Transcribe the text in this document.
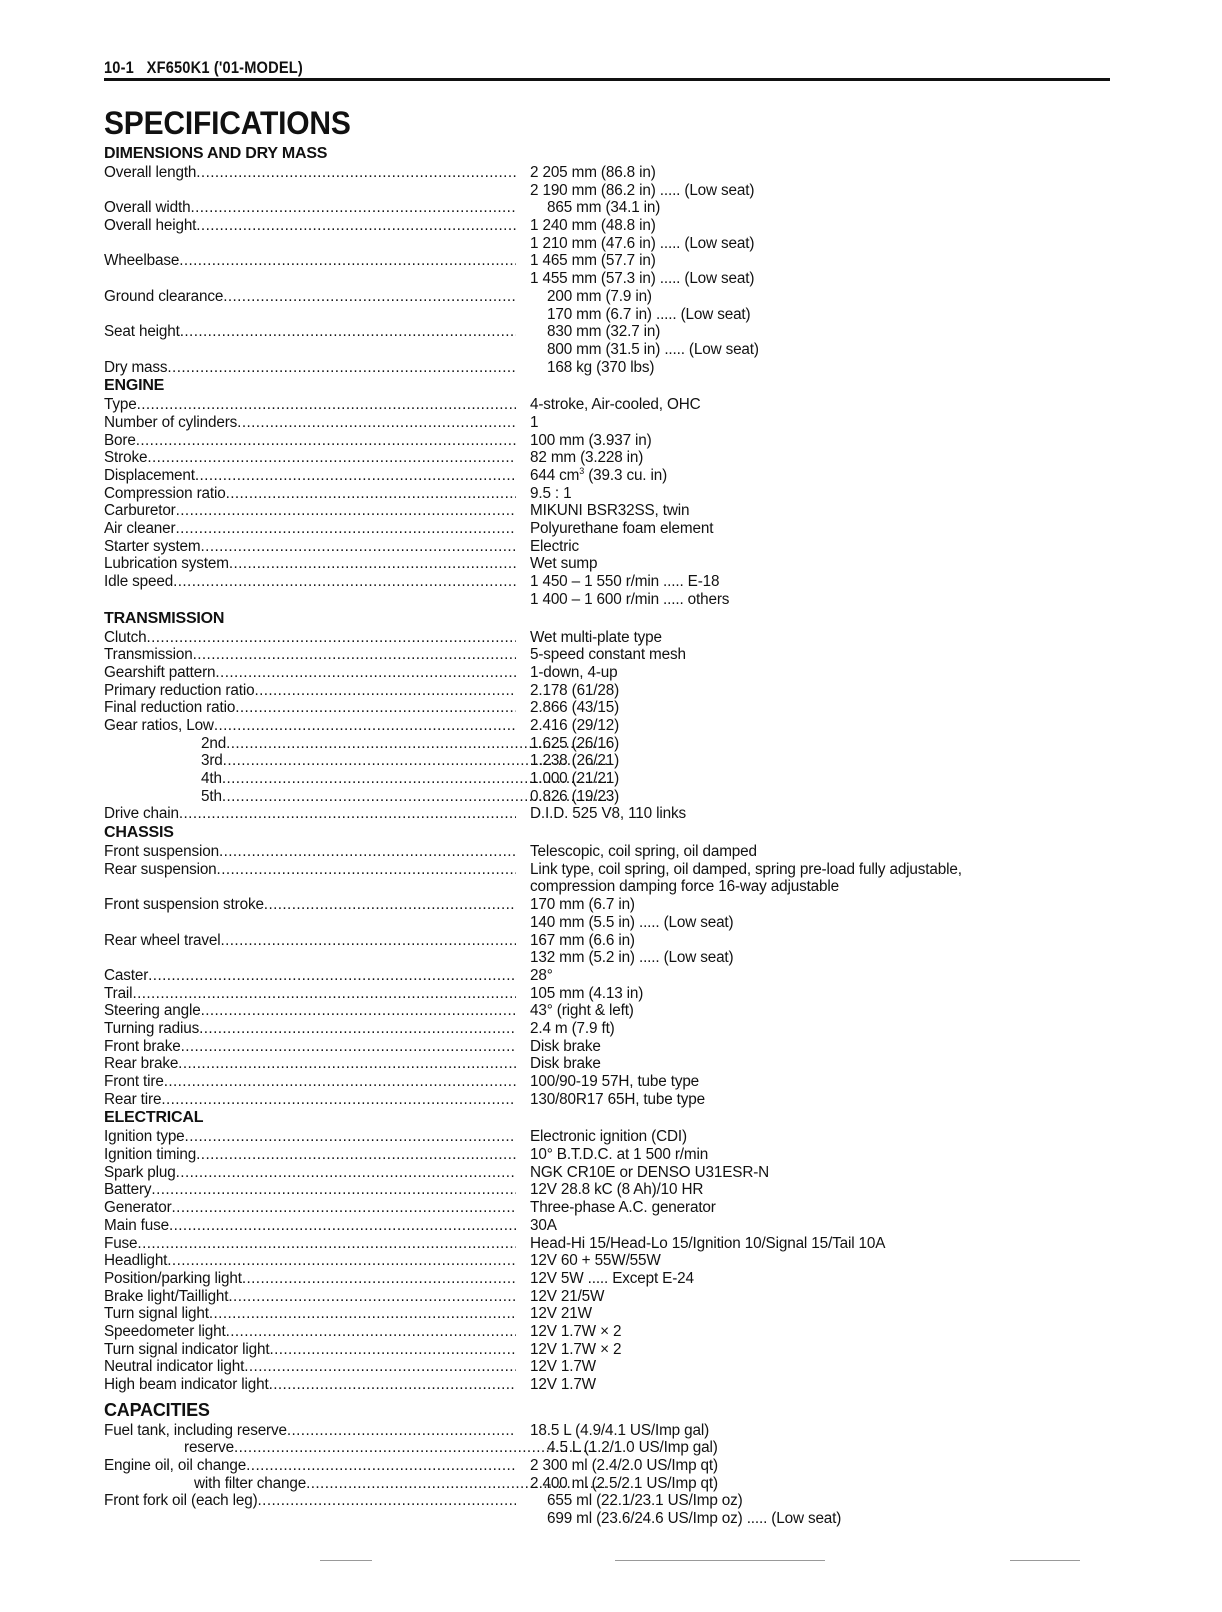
10-1 XF650K1 ('01-MODEL)
SPECIFICATIONS
DIMENSIONS AND DRY MASS
Overall length .....	2 205 mm (86.8 in)
2 190 mm (86.2 in) ..... (Low seat)
Overall width .....	865 mm (34.1 in)
Overall height .....	1 240 mm (48.8 in)
1 210 mm (47.6 in) ..... (Low seat)
Wheelbase .....	1 465 mm (57.7 in)
1 455 mm (57.3 in) ..... (Low seat)
Ground clearance .....	200 mm (7.9 in)
170 mm (6.7 in) ..... (Low seat)
Seat height .....	830 mm (32.7 in)
800 mm (31.5 in) ..... (Low seat)
Dry mass .....	168 kg (370 lbs)
ENGINE
Type .....	4-stroke, Air-cooled, OHC
Number of cylinders .....	1
Bore .....	100 mm (3.937 in)
Stroke .....	82 mm (3.228 in)
Displacement .....	644 $cm^3$ (39.3 cu. in)
Compression ratio .....	9.5 : 1
Carburetor .....	MIKUNI BSR32SS, twin
Air cleaner .....	Polyurethane foam element
Starter system .....	Electric
Lubrication system .....	Wet sump
Idle speed .....	1 450 – 1 550 r/min ..... E-18
1 400 – 1 600 r/min ..... others
TRANSMISSION
Clutch .....	Wet multi-plate type
Transmission .....	5-speed constant mesh
Gearshift pattern .....	1-down, 4-up
Primary reduction ratio .....	2.178 (61/28)
Final reduction ratio .....	2.866 (43/15)
Gear ratios, Low .....	2.416 (29/12)
2nd .....	1.625 (26/16)
3rd .....	1.238 (26/21)
4th .....	1.000 (21/21)
5th .....	0.826 (19/23)
Drive chain .....	D.I.D. 525 V8, 110 links
CHASSIS
Front suspension .....	Telescopic, coil spring, oil damped
Rear suspension .....	Link type, coil spring, oil damped, spring pre-load fully adjustable,
compression damping force 16-way adjustable
Front suspension stroke .....	170 mm (6.7 in)
140 mm (5.5 in) ..... (Low seat)
Rear wheel travel .....	167 mm (6.6 in)
132 mm (5.2 in) ..... (Low seat)
Caster .....	28°
Trail .....	105 mm (4.13 in)
Steering angle .....	43° (right & left)
Turning radius .....	2.4 m (7.9 ft)
Front brake .....	Disk brake
Rear brake .....	Disk brake
Front tire .....	100/90-19 57H, tube type
Rear tire .....	130/80R17 65H, tube type
ELECTRICAL
Ignition type .....	Electronic ignition (CDI)
Ignition timing .....	10° B.T.D.C. at 1 500 r/min
Spark plug .....	NGK CR10E or DENSO U31ESR-N
Battery .....	12V 28.8 kC (8 Ah)/10 HR
Generator .....	Three-phase A.C. generator
Main fuse .....	30A
Fuse .....	Head-Hi 15/Head-Lo 15/Ignition 10/Signal 15/Tail 10A
Headlight .....	12V 60 + 55W/55W
Position/parking light .....	12V 5W ..... Except E-24
Brake light/Taillight .....	12V 21/5W
Turn signal light .....	12V 21W
Speedometer light .....	12V 1.7W × 2
Turn signal indicator light .....	12V 1.7W × 2
Neutral indicator light .....	12V 1.7W
High beam indicator light .....	12V 1.7W
CAPACITIES
Fuel tank, including reserve .....	18.5 L (4.9/4.1 US/Imp gal)
reserve .....	4.5 L (1.2/1.0 US/Imp gal)
Engine oil, oil change .....	2 300 ml (2.4/2.0 US/Imp qt)
with filter change .....	2 400 ml (2.5/2.1 US/Imp qt)
Front fork oil (each leg) .....	655 ml (22.1/23.1 US/Imp oz)
699 ml (23.6/24.6 US/Imp oz) ..... (Low seat)
